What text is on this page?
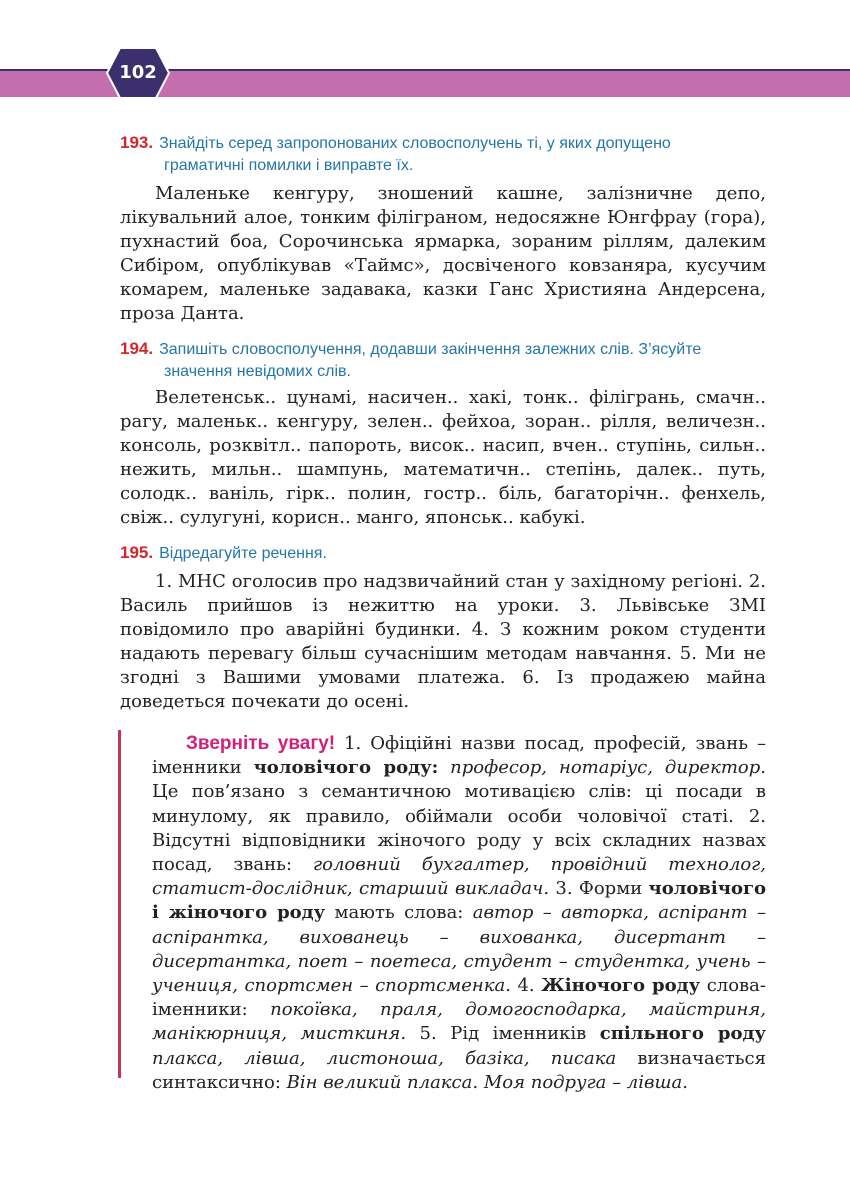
102
193. Знайдіть серед запропонованих словосполучень ті, у яких допущено
граматичні помилки і виправте їх.

Маленьке кенгуру, зношений кашне, залізничне депо, лікувальний алое, тонким філіграном, недосяжне Юнгфрау (гора), пухнастий боа, Сорочинська ярмарка, зораним ріллям, далеким Сибіром, опублікував «Таймс», досвіченого ковзаняра, кусучим комарем, маленьке задавака, казки Ганс Християна Андерсена, проза Данта.

194. Запишіть словосполучення, додавши закінчення залежних слів. З’ясуйте
значення невідомих слів.

Велетенськ.. цунамі, насичен.. хакі, тонк.. філігрань, смачн.. рагу, маленьк.. кенгуру, зелен.. фейхоа, зоран.. рілля, величезн.. консоль, розквітл.. папороть, висок.. насип, вчен.. ступінь, сильн.. нежить, мильн.. шампунь, математичн.. степінь, далек.. путь, солодк.. ваніль, гірк.. полин, гостр.. біль, багаторічн.. фенхель, свіж.. сулугуні, корисн.. манго, японськ.. кабукі.

195. Відредагуйте речення.

1. МНС оголосив про надзвичайний стан у західному регіоні. 2. Василь прийшов із нежиттю на уроки. 3. Львівське ЗМІ повідомило про аварійні будинки. 4. З кожним роком студенти надають перевагу більш сучаснішим методам навчання. 5. Ми не згодні з Вашими умовами платежа. 6. Із продажею майна доведеться почекати до осені.

Зверніть увагу! 1. Офіційні назви посад, професій, звань – іменники чоловічого роду: професор, нотаріус, директор. Це пов’язано з семантичною мотивацією слів: ці посади в минулому, як правило, обіймали особи чоловічої статі. 2. Відсутні відповідники жіночого роду у всіх складних назвах посад, звань: головний бухгалтер, провідний технолог, статист-дослідник, старший викладач. 3. Форми чоловічого і жіночого роду мають слова: автор – авторка, аспірант – аспірантка, вихованець – вихованка, дисертант – дисертантка, поет – поетеса, студент – студентка, учень – учениця, спортсмен – спортсменка. 4. Жіночого роду слова-іменники: покоївка, праля, домогосподарка, майстриня, манікюрниця, мисткиня. 5. Рід іменників спільного роду плакса, лівша, листоноша, базіка, писака визначається синтаксично: Він великий плакса. Моя подруга – лівша.
